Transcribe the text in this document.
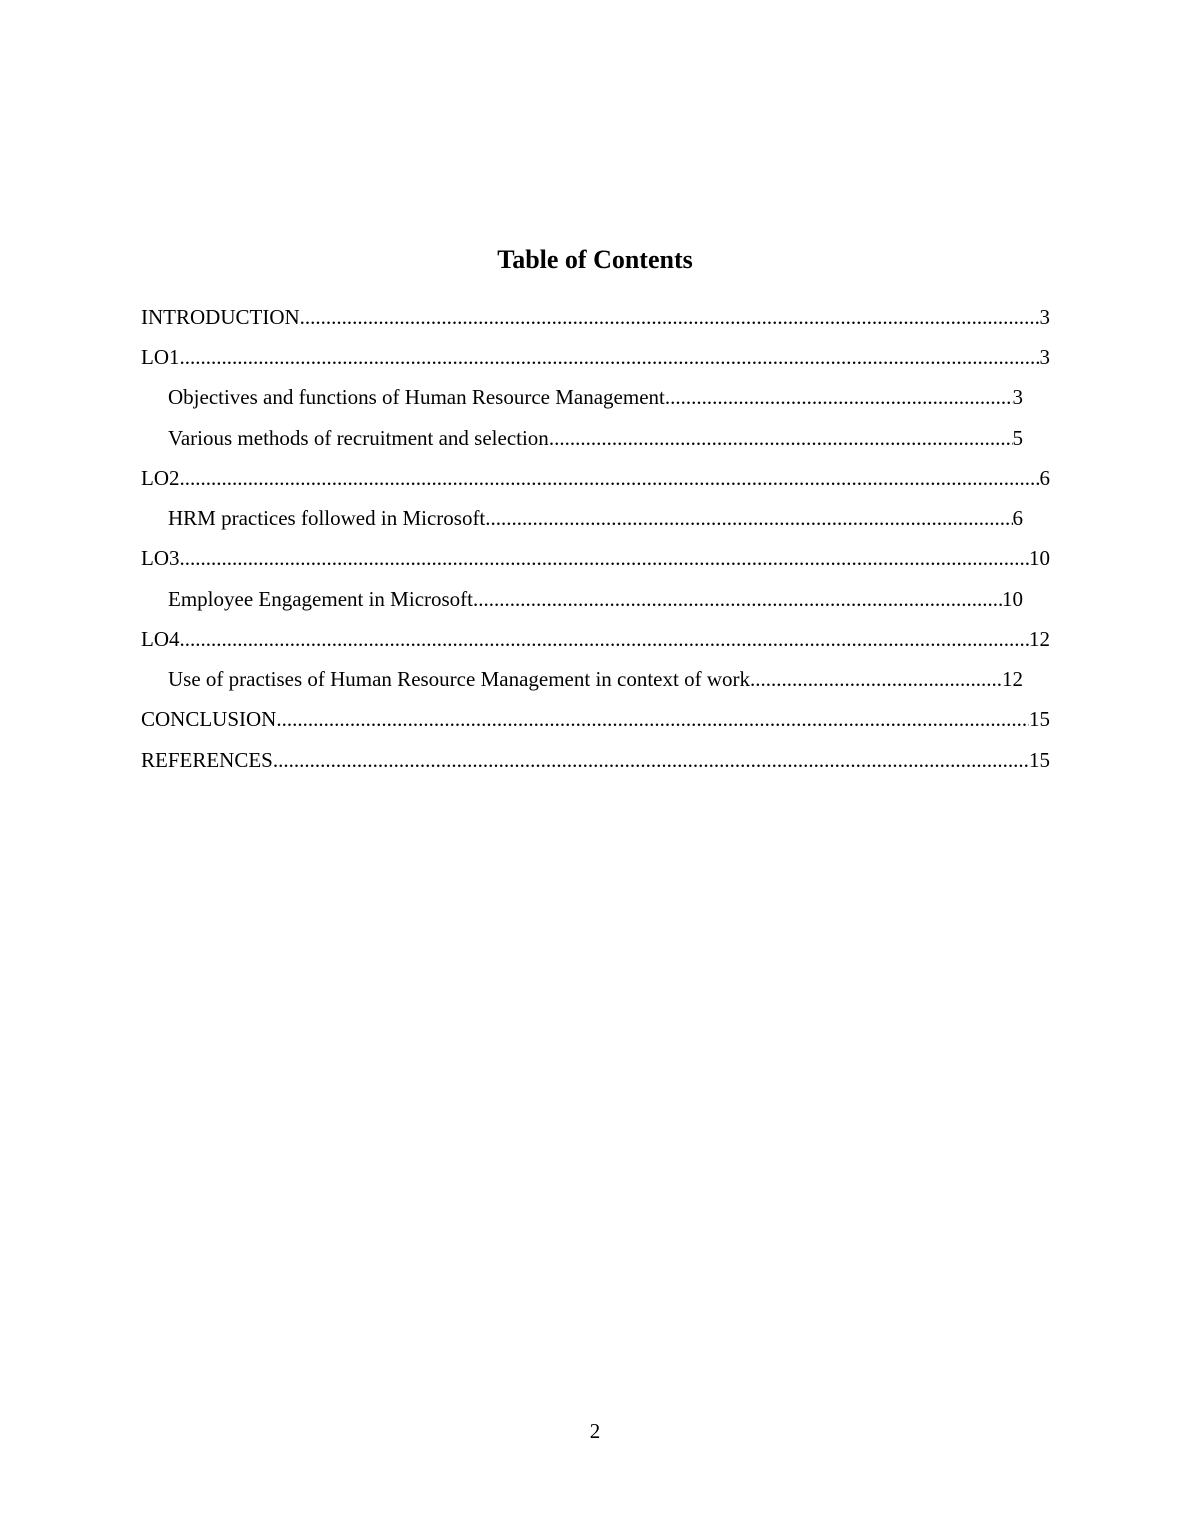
Table of Contents
INTRODUCTION .....	3
LO1 .....	3
Objectives and functions of Human Resource Management .....	3
Various methods of recruitment and selection .....	5
LO2 .....	6
HRM practices followed in Microsoft .....	6
LO3 .....	10
Employee Engagement in Microsoft .....	10
LO4 .....	12
Use of practises of Human Resource Management in context of work .....	12
CONCLUSION .....	15
REFERENCES .....	15
2
